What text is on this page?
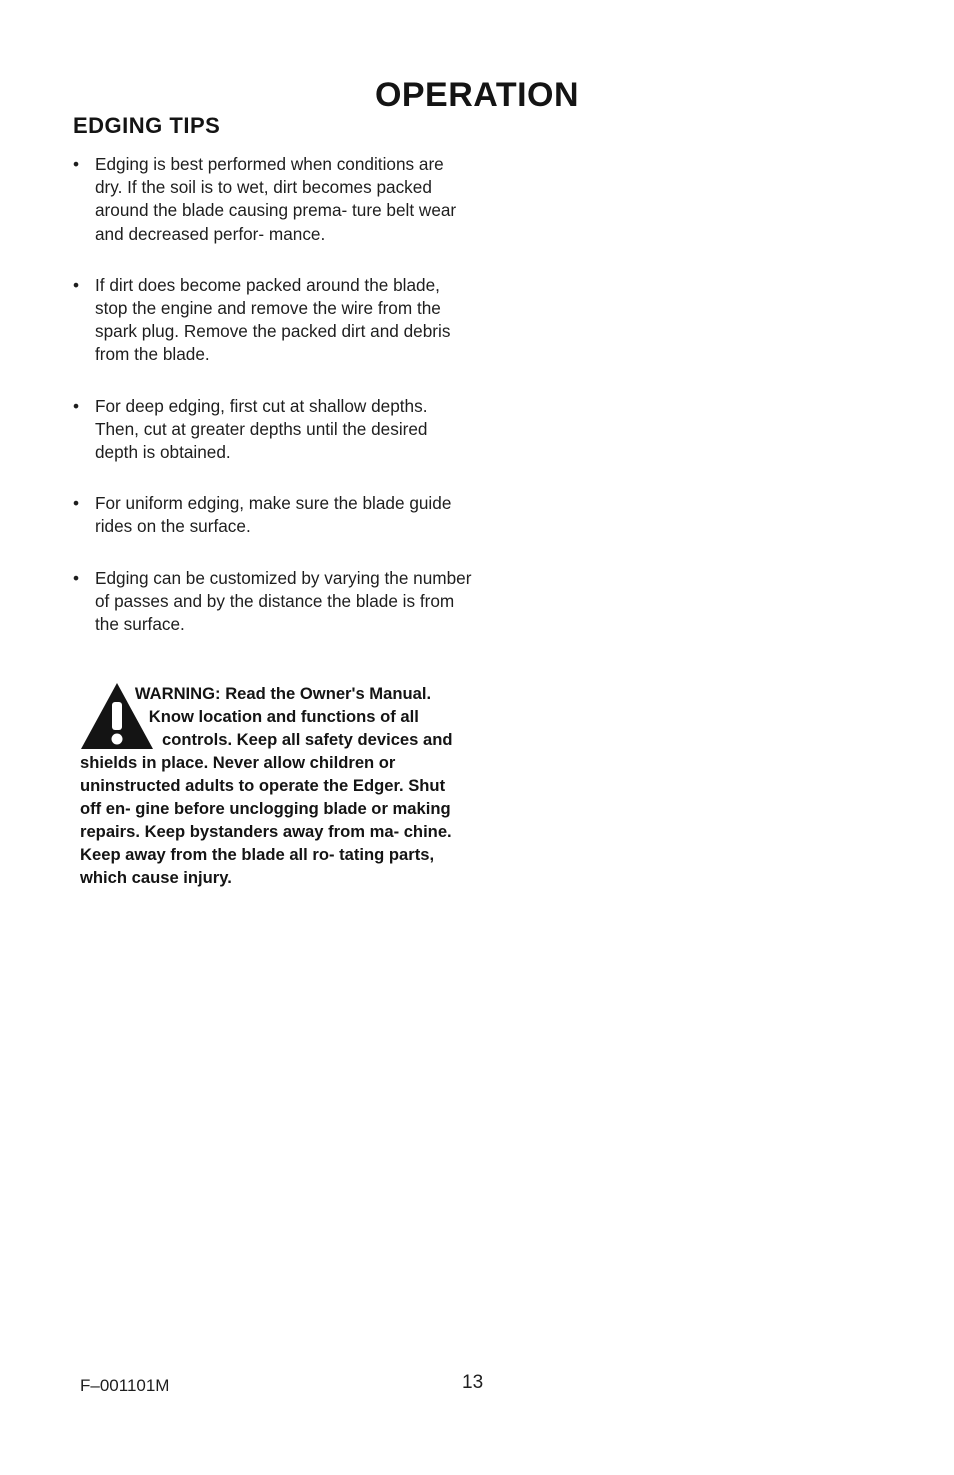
OPERATION
EDGING TIPS
• Edging is best performed when conditions are dry. If the soil is to wet, dirt becomes packed around the blade causing prema- ture belt wear and decreased perfor- mance.
• If dirt does become packed around the blade, stop the engine and remove the wire from the spark plug. Remove the packed dirt and debris from the blade.
• For deep edging, first cut at shallow depths. Then, cut at greater depths until the desired depth is obtained.
• For uniform edging, make sure the blade guide rides on the surface.
• Edging can be customized by varying the number of passes and by the distance the blade is from the surface.
WARNING: Read the Owner's Manual. Know location and functions of all controls. Keep all safety devices and shields in place. Never allow children or uninstructed adults to operate the Edger. Shut off en- gine before unclogging blade or making repairs. Keep bystanders away from ma- chine. Keep away from the blade all ro- tating parts, which cause injury.
F–001101M	13
